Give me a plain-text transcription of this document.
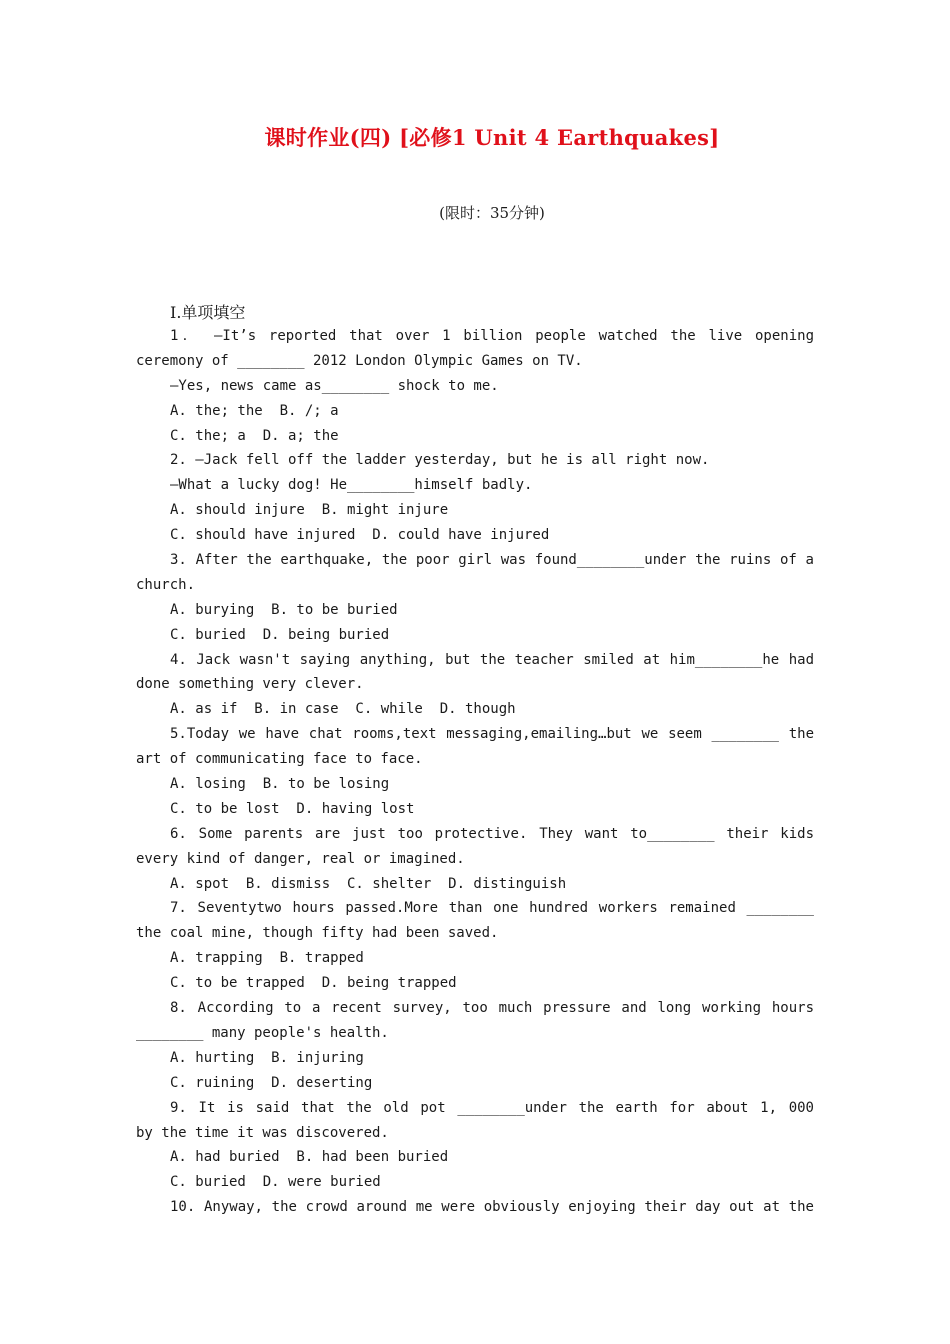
课时作业(四) [必修1 Unit 4 Earthquakes]
(限时：35分钟)
Ⅰ.单项填空
1． —It’s reported that over 1 billion people watched the live opening
ceremony of ________ 2012 London Olympic Games on TV.
—Yes, news came as________ shock to me.
A. the; the  B. /; a
C. the; a  D. a; the
2. —Jack fell off the ladder yesterday, but he is all right now.
—What a lucky dog! He________himself badly.
A. should injure  B. might injure
C. should have injured  D. could have injured
3. After the earthquake, the poor girl was found________under the ruins of a
church.
A. burying  B. to be buried
C. buried  D. being buried
4. Jack wasn't saying anything, but the teacher smiled at him________he had
done something very clever.
A. as if  B. in case  C. while  D. though
5.Today we have chat rooms,text messaging,emailing…but we seem ________ the
art of communicating face to face.
A. losing  B. to be losing
C. to be lost  D. having lost
6. Some parents are just too protective. They want to________ their kids
every kind of danger, real or imagined.
A. spot  B. dismiss  C. shelter  D. distinguish
7. Seventytwo hours passed.More than one hundred workers remained ________
the coal mine, though fifty had been saved.
A. trapping  B. trapped
C. to be trapped  D. being trapped
8. According to a recent survey, too much pressure and long working hours
________ many people's health.
A. hurting  B. injuring
C. ruining  D. deserting
9. It is said that the old pot ________under the earth for about 1, 000
by the time it was discovered.
A. had buried  B. had been buried
C. buried  D. were buried
10. Anyway, the crowd around me were obviously enjoying their day out at the
